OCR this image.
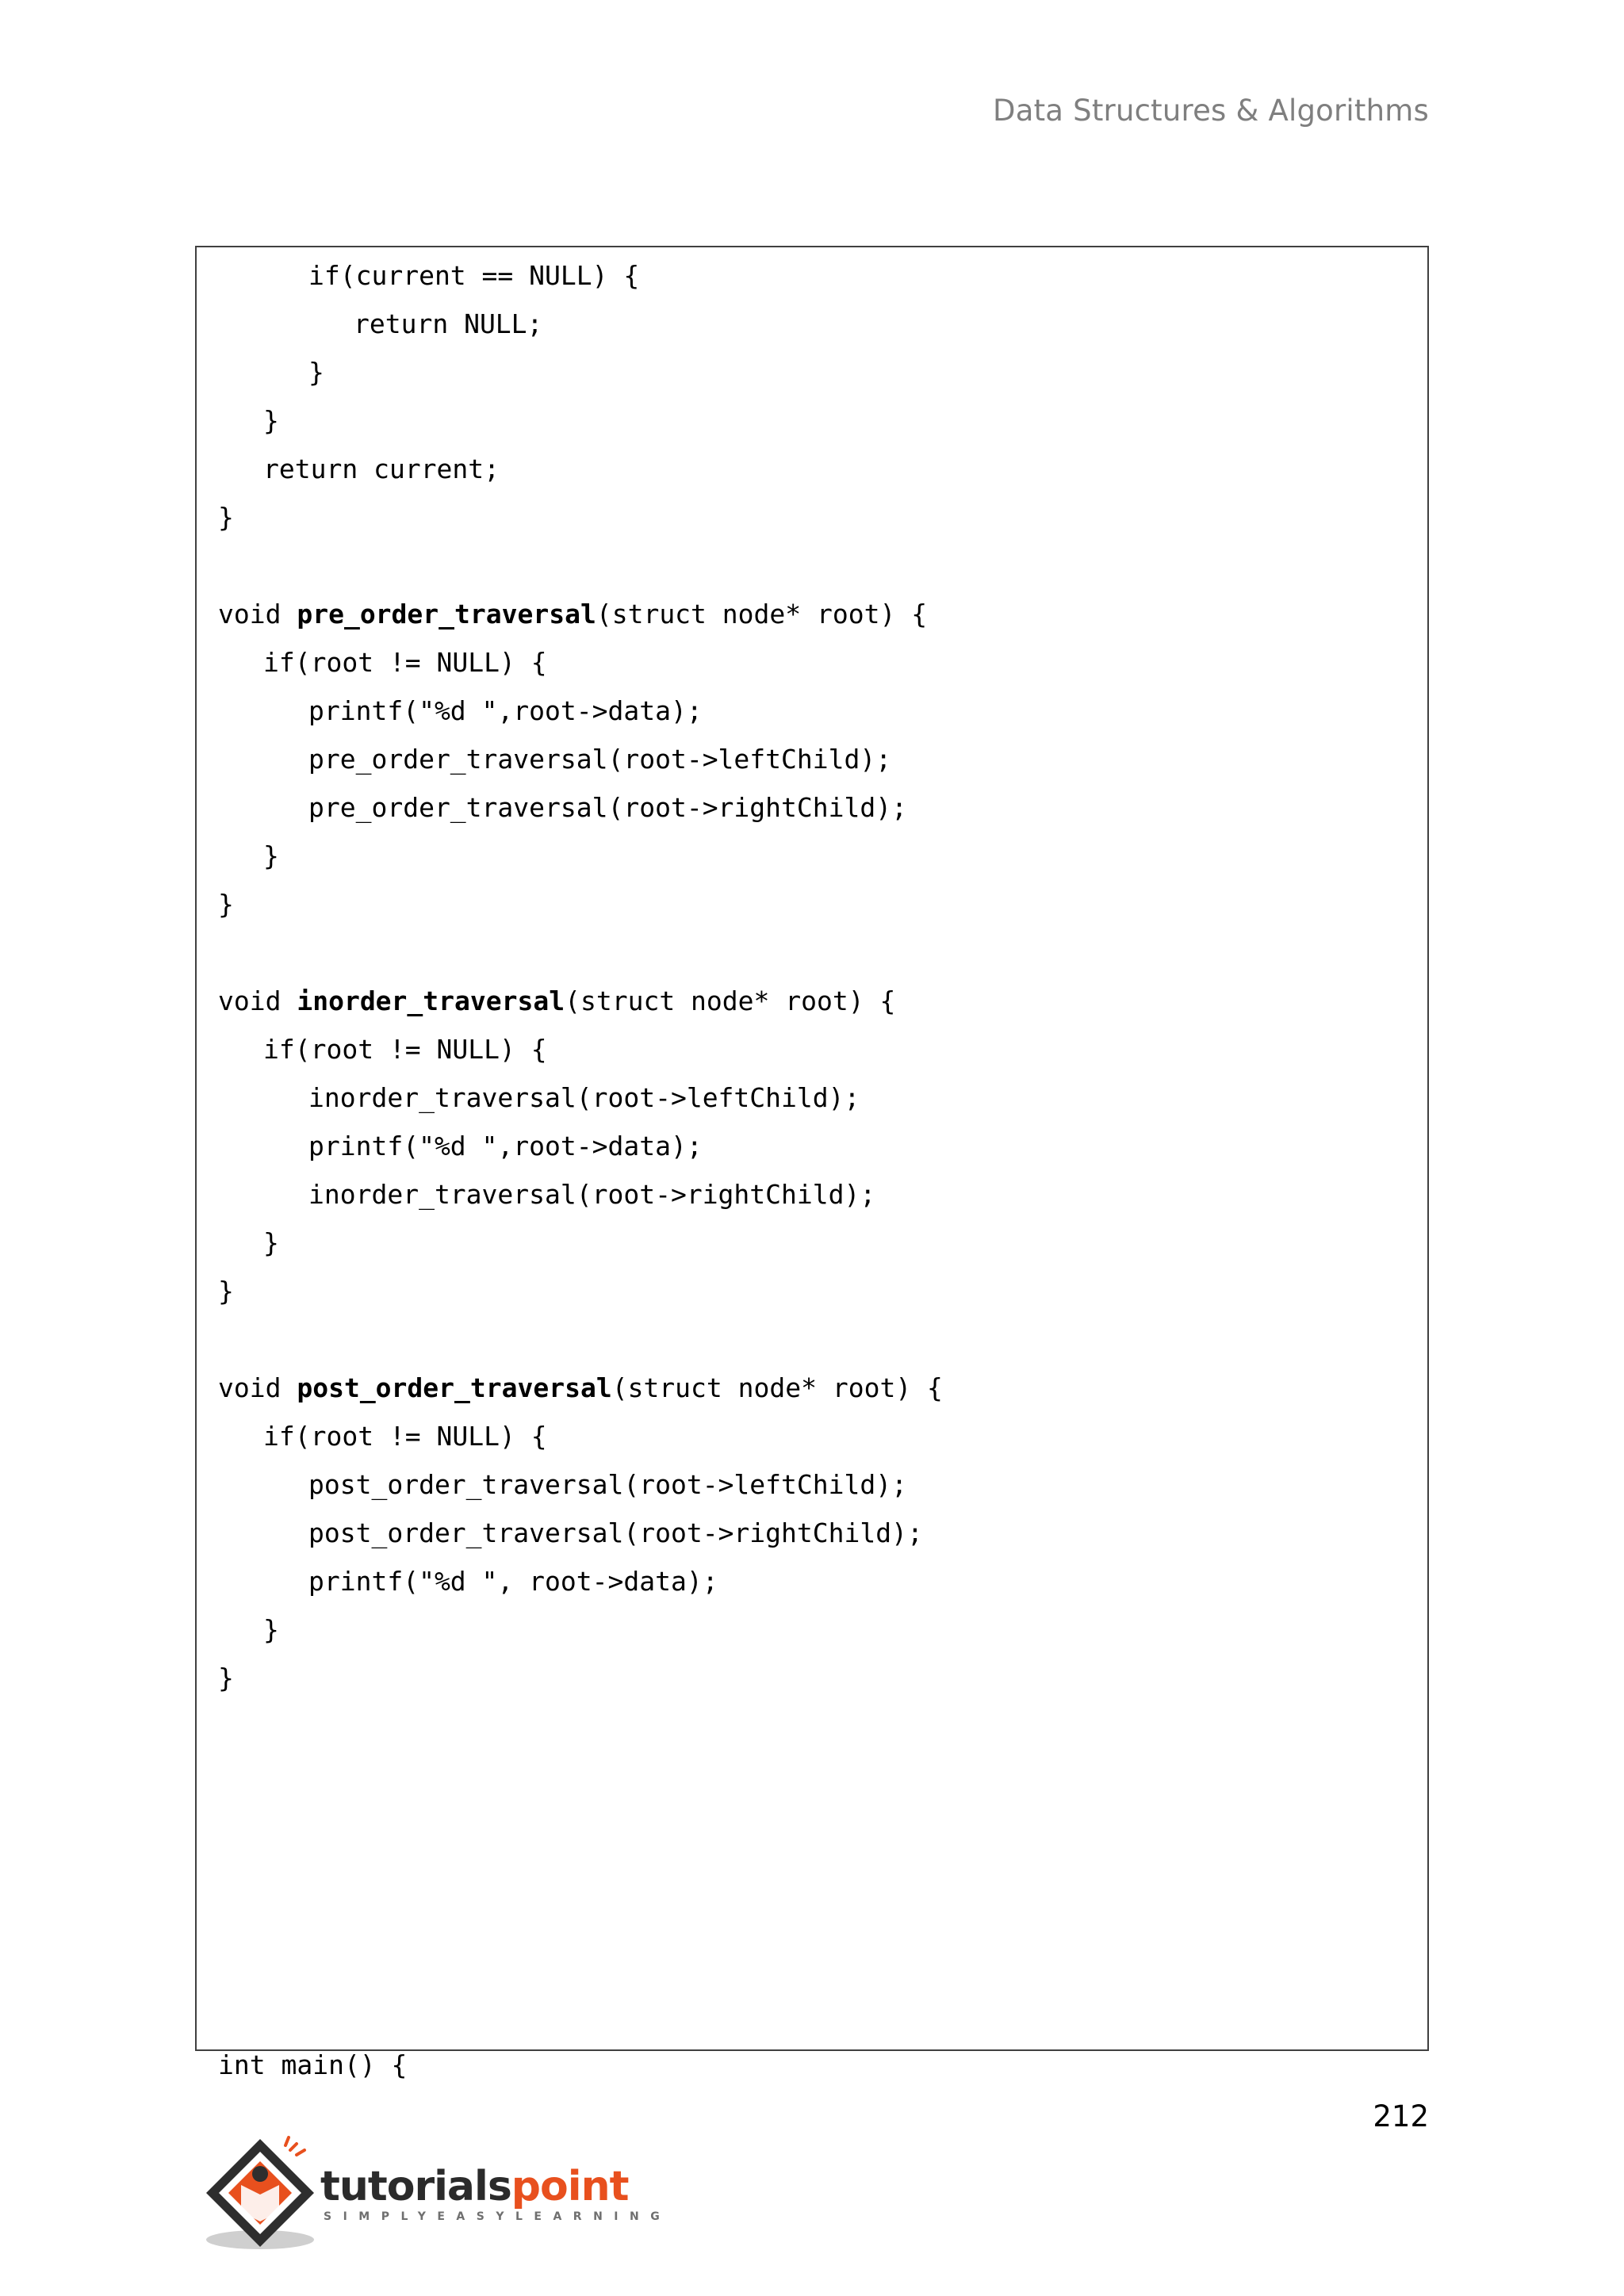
Data Structures & Algorithms
if(current == NULL) {
return NULL;
}
}
return current;
}
void pre_order_traversal(struct node* root) {
if(root != NULL) {
printf("%d ",root->data);
pre_order_traversal(root->leftChild);
pre_order_traversal(root->rightChild);
}
}
void inorder_traversal(struct node* root) {
if(root != NULL) {
inorder_traversal(root->leftChild);
printf("%d ",root->data);
inorder_traversal(root->rightChild);
}
}
void post_order_traversal(struct node* root) {
if(root != NULL) {
post_order_traversal(root->leftChild);
post_order_traversal(root->rightChild);
printf("%d ", root->data);
}
}
int main() {
212
tutorialspoint
SIMPLYEASYLEARNING
